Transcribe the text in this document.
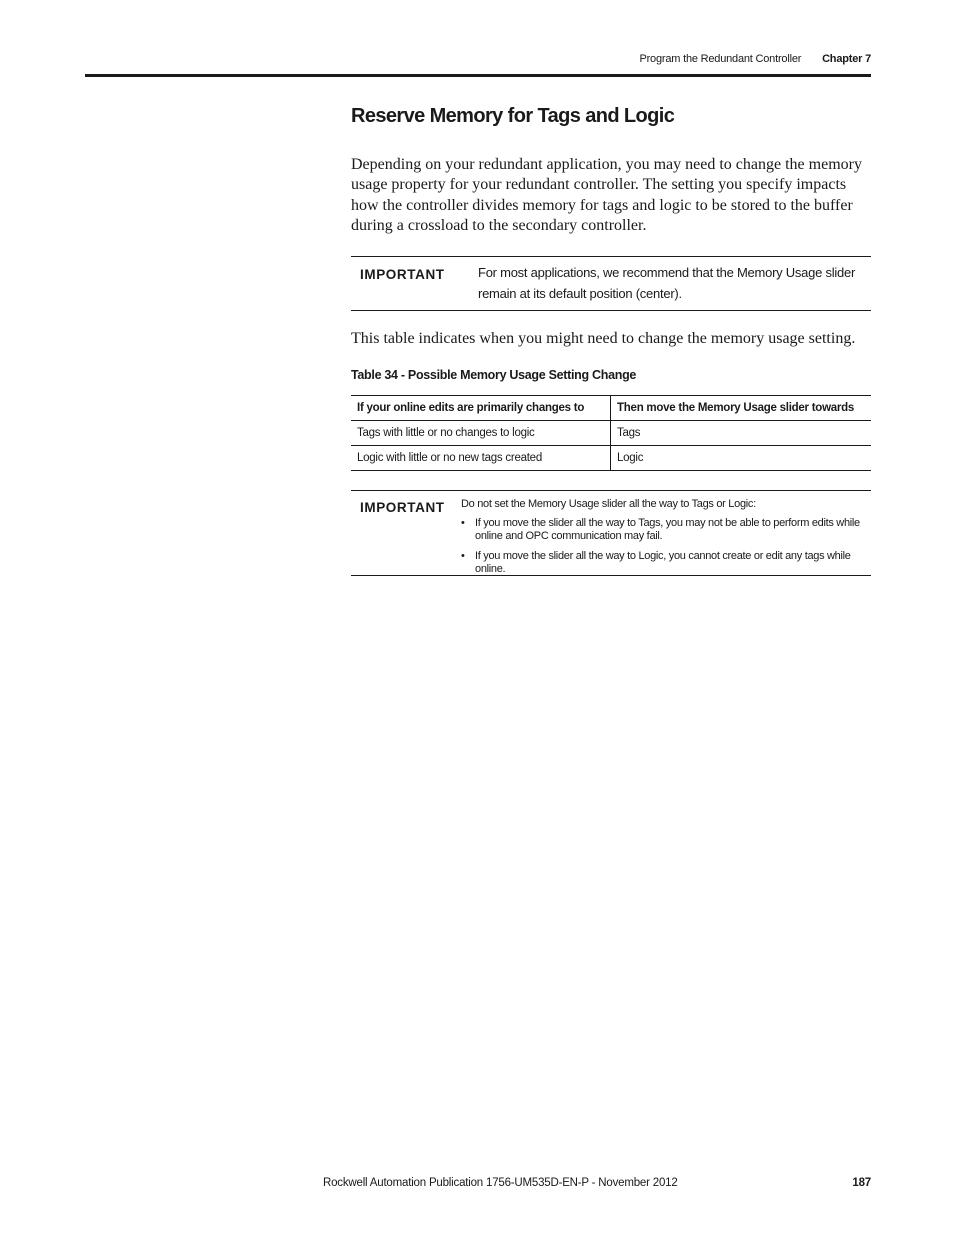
Program the Redundant Controller Chapter 7
Reserve Memory for Tags and Logic

Depending on your redundant application, you may need to change the memory usage property for your redundant controller. The setting you specify impacts how the controller divides memory for tags and logic to be stored to the buffer during a crossload to the secondary controller.

IMPORTANT	For most applications, we recommend that the Memory Usage slider remain at its default position (center).

This table indicates when you might need to change the memory usage setting.

Table 34 - Possible Memory Usage Setting Change
If your online edits are primarily changes to	Then move the Memory Usage slider towards
Tags with little or no changes to logic	Tags
Logic with little or no new tags created	Logic
IMPORTANT Do not set the Memory Usage slider all the way to Tags or Logic:
• If you move the slider all the way to Tags, you may not be able to perform edits while online and OPC communication may fail.
• If you move the slider all the way to Logic, you cannot create or edit any tags while online.
Rockwell Automation Publication 1756-UM535D-EN-P - November 2012	187
